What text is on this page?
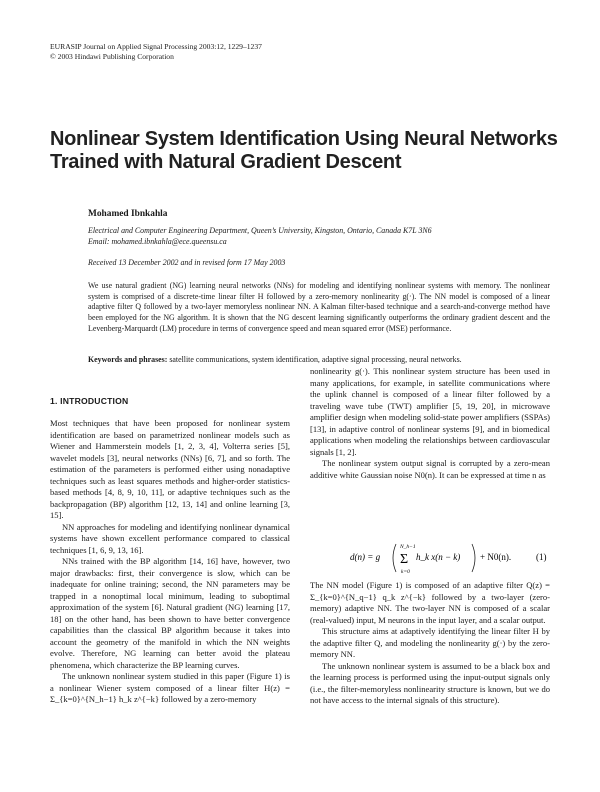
EURASIP Journal on Applied Signal Processing 2003:12, 1229–1237
© 2003 Hindawi Publishing Corporation
Nonlinear System Identification Using Neural Networks Trained with Natural Gradient Descent
Mohamed Ibnkahla
Electrical and Computer Engineering Department, Queen’s University, Kingston, Ontario, Canada K7L 3N6
Email: mohamed.ibnkahla@ece.queensu.ca
Received 13 December 2002 and in revised form 17 May 2003
We use natural gradient (NG) learning neural networks (NNs) for modeling and identifying nonlinear systems with memory. The nonlinear system is comprised of a discrete-time linear filter H followed by a zero-memory nonlinearity g(·). The NN model is composed of a linear adaptive filter Q followed by a two-layer memoryless nonlinear NN. A Kalman filter-based technique and a search-and-converge method have been employed for the NG algorithm. It is shown that the NG descent learning significantly outperforms the ordinary gradient descent and the Levenberg-Marquardt (LM) procedure in terms of convergence speed and mean squared error (MSE) performance.
Keywords and phrases: satellite communications, system identification, adaptive signal processing, neural networks.
1. INTRODUCTION

Most techniques that have been proposed for nonlinear system identification are based on parametrized nonlinear models such as Wiener and Hammerstein models [1, 2, 3, 4], Volterra series [5], wavelet models [3], neural networks (NNs) [6, 7], and so forth. The estimation of the parameters is performed either using nonadaptive techniques such as least squares methods and higher-order statistics-based methods [4, 8, 9, 10, 11], or adaptive techniques such as the backpropagation (BP) algorithm [12, 13, 14] and online learning [3, 15].

NN approaches for modeling and identifying nonlinear dynamical systems have shown excellent performance compared to classical techniques [1, 6, 9, 13, 16].

NNs trained with the BP algorithm [14, 16] have, however, two major drawbacks: first, their convergence is slow, which can be inadequate for online training; second, the NN parameters may be trapped in a nonoptimal local minimum, leading to suboptimal approximation of the system [6]. Natural gradient (NG) learning [17, 18] on the other hand, has been shown to have better convergence capabilities than the classical BP algorithm because it takes into account the geometry of the manifold in which the NN weights evolve. Therefore, NG learning can better avoid the plateau phenomena, which characterize the BP learning curves.

The unknown nonlinear system studied in this paper (Figure 1) is a nonlinear Wiener system composed of a linear filter H(z) = Σ_{k=0}^{N_h−1} h_k z^{−k} followed by a zero-memory

nonlinearity g(·). This nonlinear system structure has been used in many applications, for example, in satellite communications where the uplink channel is composed of a linear filter followed by a traveling wave tube (TWT) amplifier [5, 19, 20], in microwave amplifier design when modeling solid-state power amplifiers (SSPAs) [13], in adaptive control of nonlinear systems [9], and in biomedical applications when modeling the relationships between cardiovascular signals [1, 2].

The nonlinear system output signal is corrupted by a zero-mean additive white Gaussian noise N0(n). It can be expressed at time n as

d(n) = g
N_h−1
Σ
k=0
h_k x(n − k) + N0(n).	(1)

The NN model (Figure 1) is composed of an adaptive filter Q(z) = Σ_{k=0}^{N_q−1} q_k z^{−k} followed by a two-layer (zero-memory) adaptive NN. The two-layer NN is composed of a scalar (real-valued) input, M neurons in the input layer, and a scalar output.

This structure aims at adaptively identifying the linear filter H by the adaptive filter Q, and modeling the nonlinearity g(·) by the zero-memory NN.

The unknown nonlinear system is assumed to be a black box and the learning process is performed using the input-output signals only (i.e., the filter-memoryless nonlinearity structure is known, but we do not have access to the internal signals of this structure).
